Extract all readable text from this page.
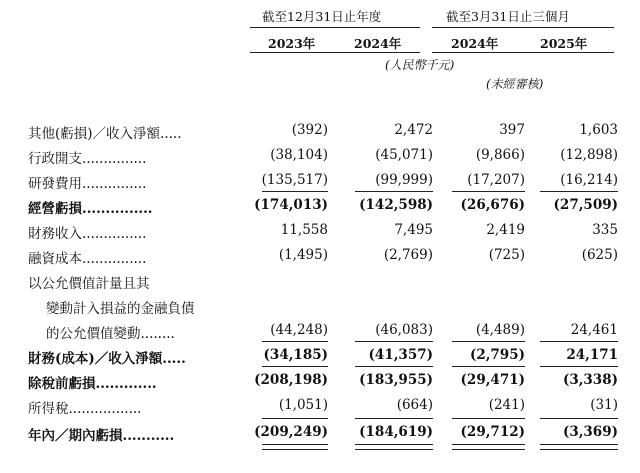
截至12月31日止年度	截至3月31日止三個月
2023年	2024年	2024年	2025年
(人民幣千元)
(未經審核)
其他(虧損)／收入淨額.....	(392)	2,472	397	1,603
行政開支...............	(38,104)	(45,071)	(9,866)	(12,898)
研發費用...............	(135,517)	(99,999)	(17,207)	(16,214)
經營虧損...............	(174,013)	(142,598)	(26,676)	(27,509)
財務收入...............	11,558	7,495	2,419	335
融資成本...............	(1,495)	(2,769)	(725)	(625)
以公允價值計量且其
變動計入損益的金融負債
的公允價值變動........	(44,248)	(46,083)	(4,489)	24,461
財務(成本)／收入淨額.....	(34,185)	(41,357)	(2,795)	24,171
除稅前虧損.............	(208,198)	(183,955)	(29,471)	(3,338)
所得稅.................	(1,051)	(664)	(241)	(31)
年內／期內虧損...........	(209,249)	(184,619)	(29,712)	(3,369)
